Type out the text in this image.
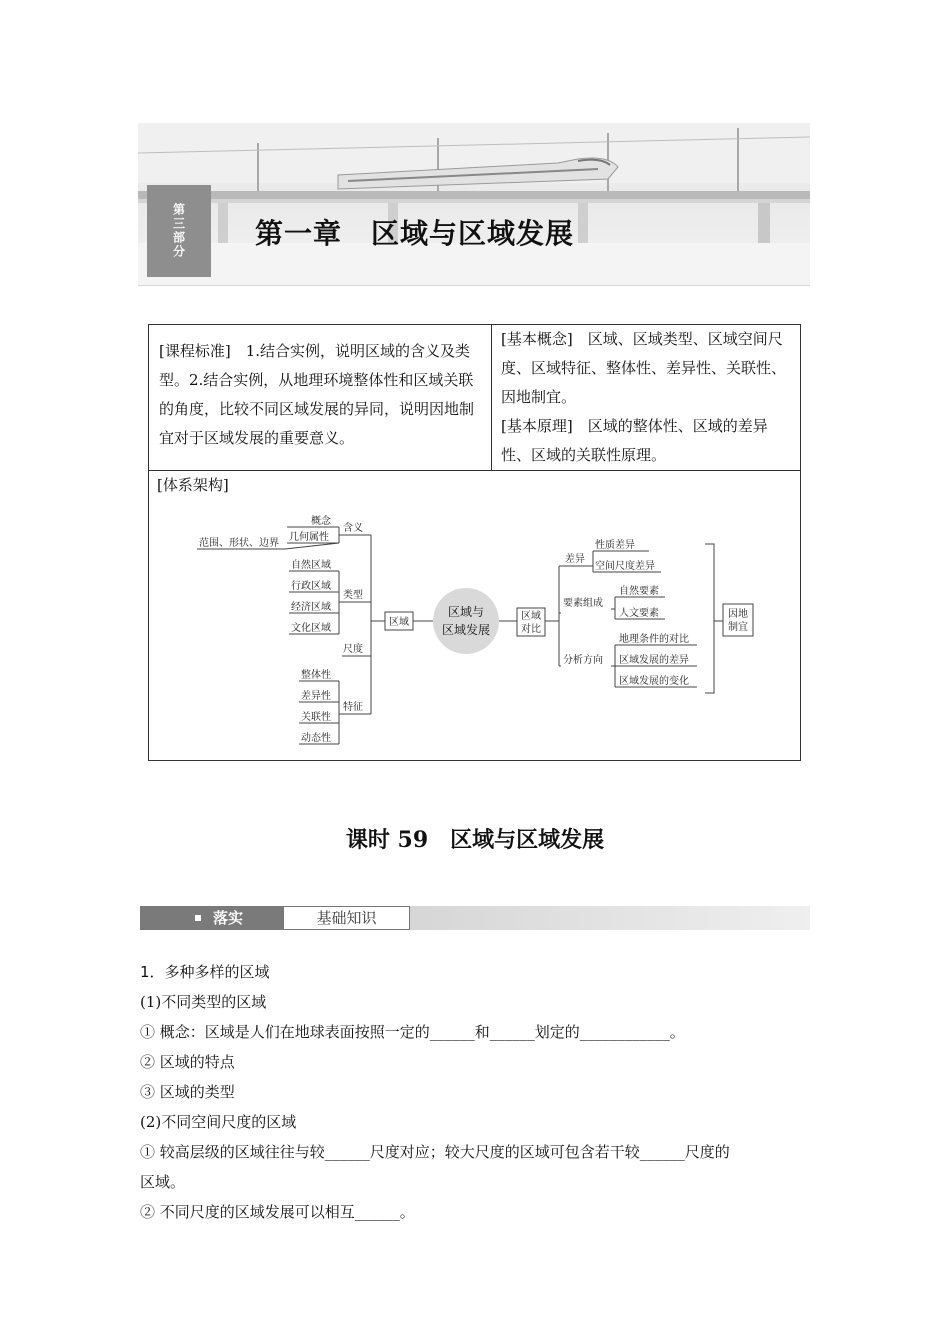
第三部分	第一章　区域与区域发展
[课程标准]　1.结合实例，说明区域的含义及类型。2.结合实例，从地理环境整体性和区域关联的角度，比较不同区域发展的异同，说明因地制宜对于区域发展的重要意义。
[基本概念]　区域、区域类型、区域空间尺度、区域特征、整体性、差异性、关联性、因地制宜。
[基本原理]　区域的整体性、区域的差异性、区域的关联性原理。
[体系架构]
区域与
区域发展
范围、形状、边界
概念
几何属性
含义
自然区域
行政区域
经济区域
文化区域
类型
尺度
整体性
差异性
关联性
动态性
特征
区域
区域
对比
差异
性质差异
空间尺度差异
要素组成
自然要素
人文要素
分析方向
地理条件的对比
区域发展的差异
区域发展的变化
因地
制宜
课时 59　区域与区域发展
落实	基础知识
1．多种多样的区域
(1)不同类型的区域
① 概念：区域是人们在地球表面按照一定的______和______划定的____________。
② 区域的特点
③ 区域的类型
(2)不同空间尺度的区域
① 较高层级的区域往往与较______尺度对应；较大尺度的区域可包含若干较______尺度的
区域。
② 不同尺度的区域发展可以相互______。
